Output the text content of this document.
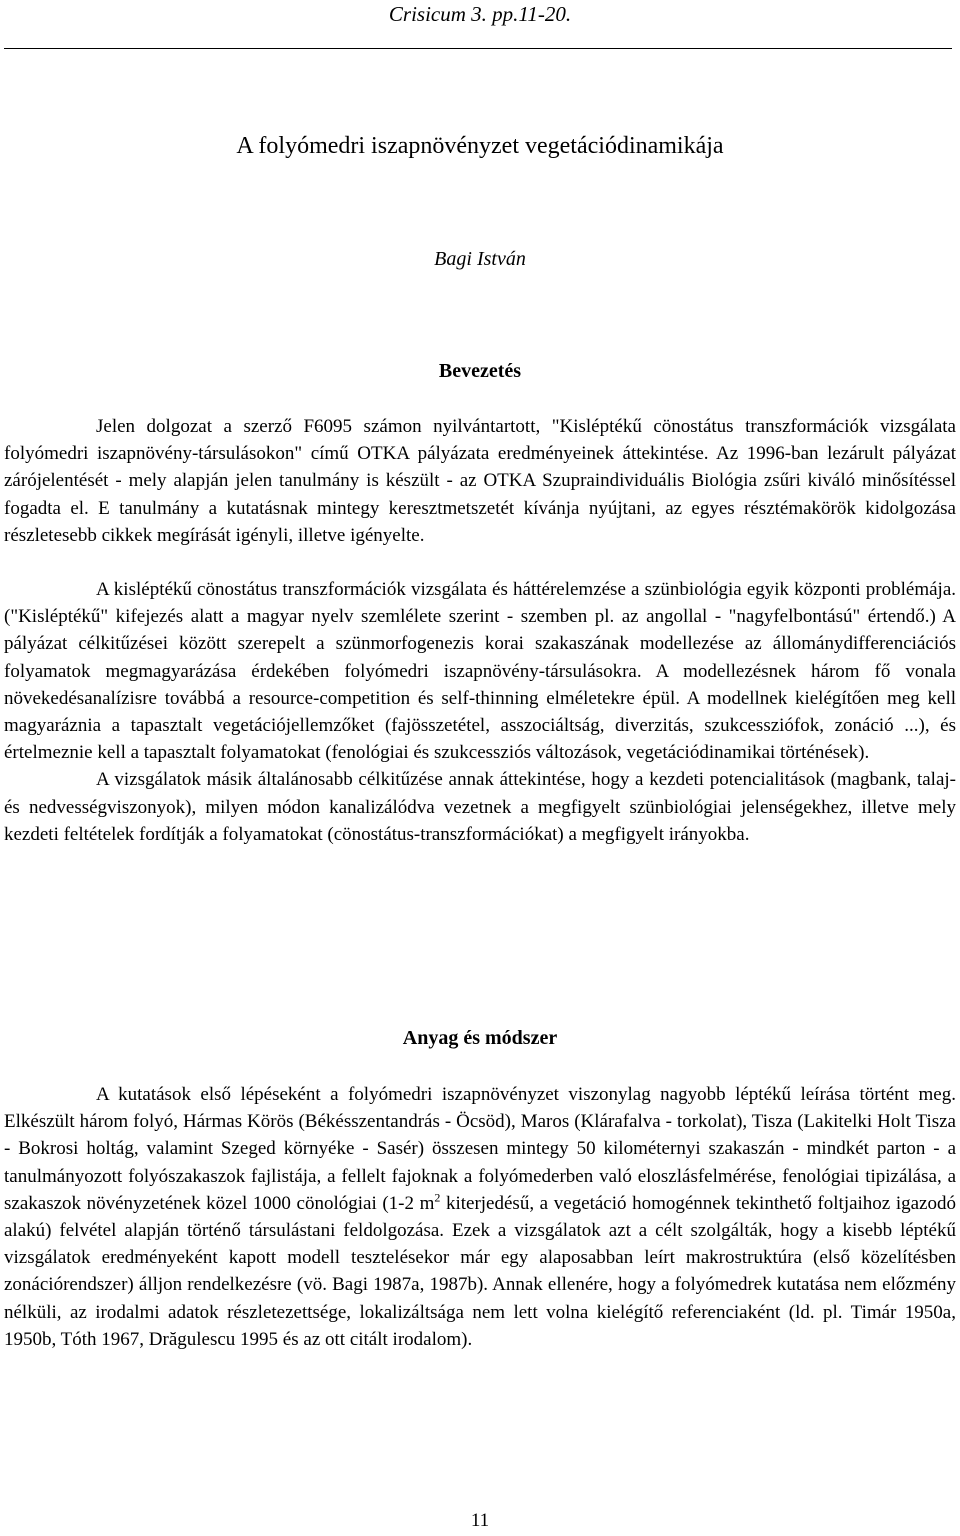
Crisicum 3. pp.11-20.
A folyómedri iszapnövényzet vegetációdinamikája
Bagi István
Bevezetés

Jelen dolgozat a szerző F6095 számon nyilvántartott, "Kisléptékű cönostátus transzformációk vizsgálata folyómedri iszapnövény-társulásokon" című OTKA pályázata eredményeinek áttekintése. Az 1996-ban lezárult pályázat zárójelentését - mely alapján jelen tanulmány is készült - az OTKA Szupraindividuális Biológia zsűri kiváló minősítéssel fogadta el. E tanulmány a kutatásnak mintegy keresztmetszetét kívánja nyújtani, az egyes résztémakörök kidolgozása részletesebb cikkek megírását igényli, illetve igényelte.

A kisléptékű cönostátus transzformációk vizsgálata és háttérelemzése a szünbiológia egyik központi problémája. ("Kisléptékű" kifejezés alatt a magyar nyelv szemlélete szerint - szemben pl. az angollal - "nagyfelbontású" értendő.) A pályázat célkitűzései között szerepelt a szünmorfogenezis korai szakaszának modellezése az állománydifferenciációs folyamatok megmagyarázása érdekében folyómedri iszapnövény-társulásokra. A modellezésnek három fő vonala növekedésanalízisre továbbá a resource-competition és self-thinning elméletekre épül. A modellnek kielégítően meg kell magyaráznia a tapasztalt vegetációjellemzőket (fajösszetétel, asszociáltság, diverzitás, szukcessziófok, zonáció ...), és értelmeznie kell a tapasztalt folyamatokat (fenológiai és szukcessziós változások, vegetációdinamikai történések).

A vizsgálatok másik általánosabb célkitűzése annak áttekintése, hogy a kezdeti potencialitások (magbank, talaj- és nedvességviszonyok), milyen módon kanalizálódva vezetnek a megfigyelt szünbiológiai jelenségekhez, illetve mely kezdeti feltételek fordítják a folyamatokat (cönostátus-transzformációkat) a megfigyelt irányokba.

Anyag és módszer

A kutatások első lépéseként a folyómedri iszapnövényzet viszonylag nagyobb léptékű leírása történt meg. Elkészült három folyó, Hármas Körös (Békésszentandrás - Öcsöd), Maros (Klárafalva - torkolat), Tisza (Lakitelki Holt Tisza - Bokrosi holtág, valamint Szeged környéke - Sasér) összesen mintegy 50 kilométernyi szakaszán - mindkét parton - a tanulmányozott folyószakaszok fajlistája, a fellelt fajoknak a folyómederben való eloszlásfelmérése, fenológiai tipizálása, a szakaszok növényzetének közel 1000 cönológiai (1-2 $m^2$ kiterjedésű, a vegetáció homogénnek tekinthető foltjaihoz igazodó alakú) felvétel alapján történő társulástani feldolgozása. Ezek a vizsgálatok azt a célt szolgálták, hogy a kisebb léptékű vizsgálatok eredményeként kapott modell tesztelésekor már egy alaposabban leírt makrostruktúra (első közelítésben zonációrendszer) álljon rendelkezésre (vö. Bagi 1987a, 1987b). Annak ellenére, hogy a folyómedrek kutatása nem előzmény nélküli, az irodalmi adatok részletezettsége, lokalizáltsága nem lett volna kielégítő referenciaként (ld. pl. Timár 1950a, 1950b, Tóth 1967, Drăgulescu 1995 és az ott citált irodalom).

11
